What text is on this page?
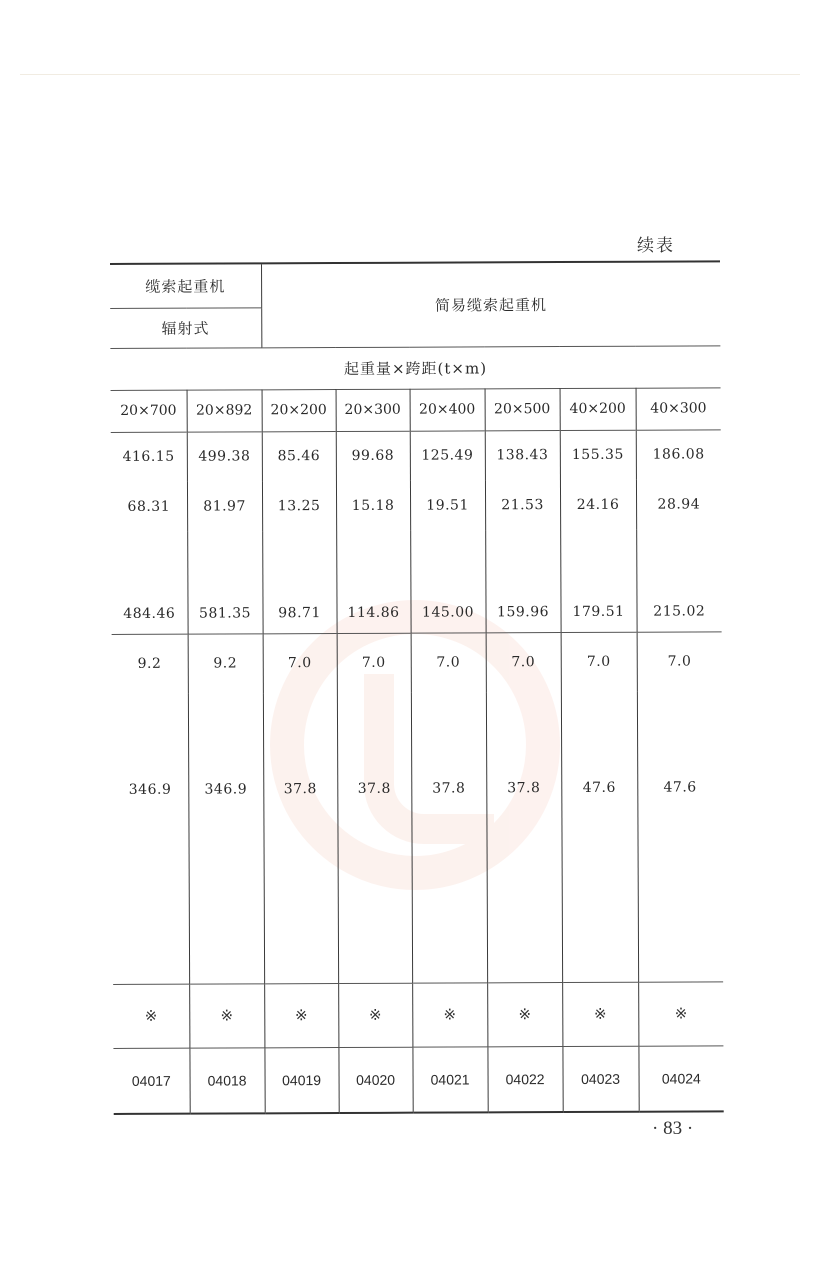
续表
缆索起重机		简易缆索起重机					
辐射式							
起重量×跨距(t×m)							
20×700	20×892	20×200	20×300	20×400	20×500	40×200	40×300
416.15	499.38	85.46	99.68	125.49	138.43	155.35	186.08
68.31	81.97	13.25	15.18	19.51	21.53	24.16	28.94
484.46	581.35	98.71	114.86	145.00	159.96	179.51	215.02
9.2	9.2	7.0	7.0	7.0	7.0	7.0	7.0
346.9	346.9	37.8	37.8	37.8	37.8	47.6	47.6
※	※	※	※	※	※	※	※
04017	04018	04019	04020	04021	04022	04023	04024
· 83 ·
